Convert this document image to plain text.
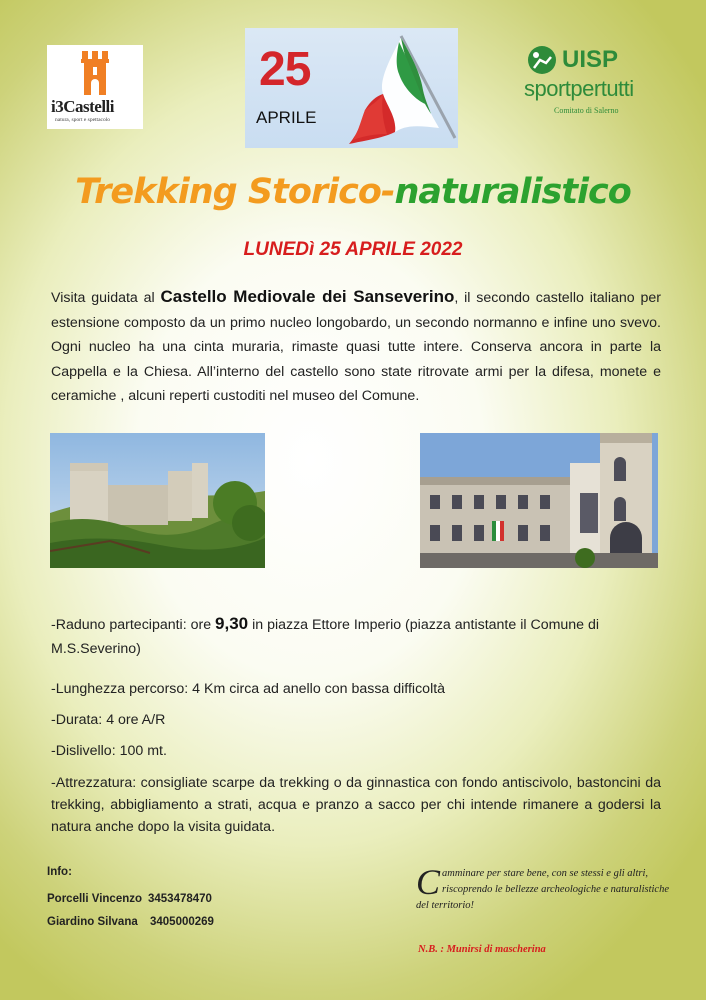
i3Castelli
natura, sport e spettacolo
25
APRILE
UISP
sportpertutti
Comitato di Salerno
Trekking Storico-naturalistico
LUNEDì 25 APRILE 2022
Visita guidata al Castello Mediovale dei Sanseverino, il secondo castello italiano per estensione composto da un primo nucleo longobardo, un secondo normanno e infine uno svevo. Ogni nucleo ha una cinta muraria, rimaste quasi tutte intere. Conserva ancora in parte la Cappella e la Chiesa. All’interno del castello sono state ritrovate armi per la difesa, monete e ceramiche , alcuni reperti custoditi nel museo del Comune.

-Raduno partecipanti: ore 9,30 in piazza Ettore Imperio (piazza antistante il Comune di M.S.Severino)

-Lunghezza percorso: 4 Km circa ad anello con bassa difficoltà

-Durata: 4 ore A/R

-Dislivello: 100 mt.

-Attrezzatura: consigliate scarpe da trekking o da ginnastica con fondo antiscivolo, bastoncini da trekking, abbigliamento a strati, acqua e pranzo a sacco per chi intende rimanere a godersi la natura anche dopo la visita guidata.

Info:
Porcelli Vincenzo 3453478470
Giardino Silvana 3405000269
Camminare per stare bene, con se stessi e gli altri, riscoprendo le bellezze archeologiche e naturalistiche del territorio!
N.B. : Munirsi di mascherina
